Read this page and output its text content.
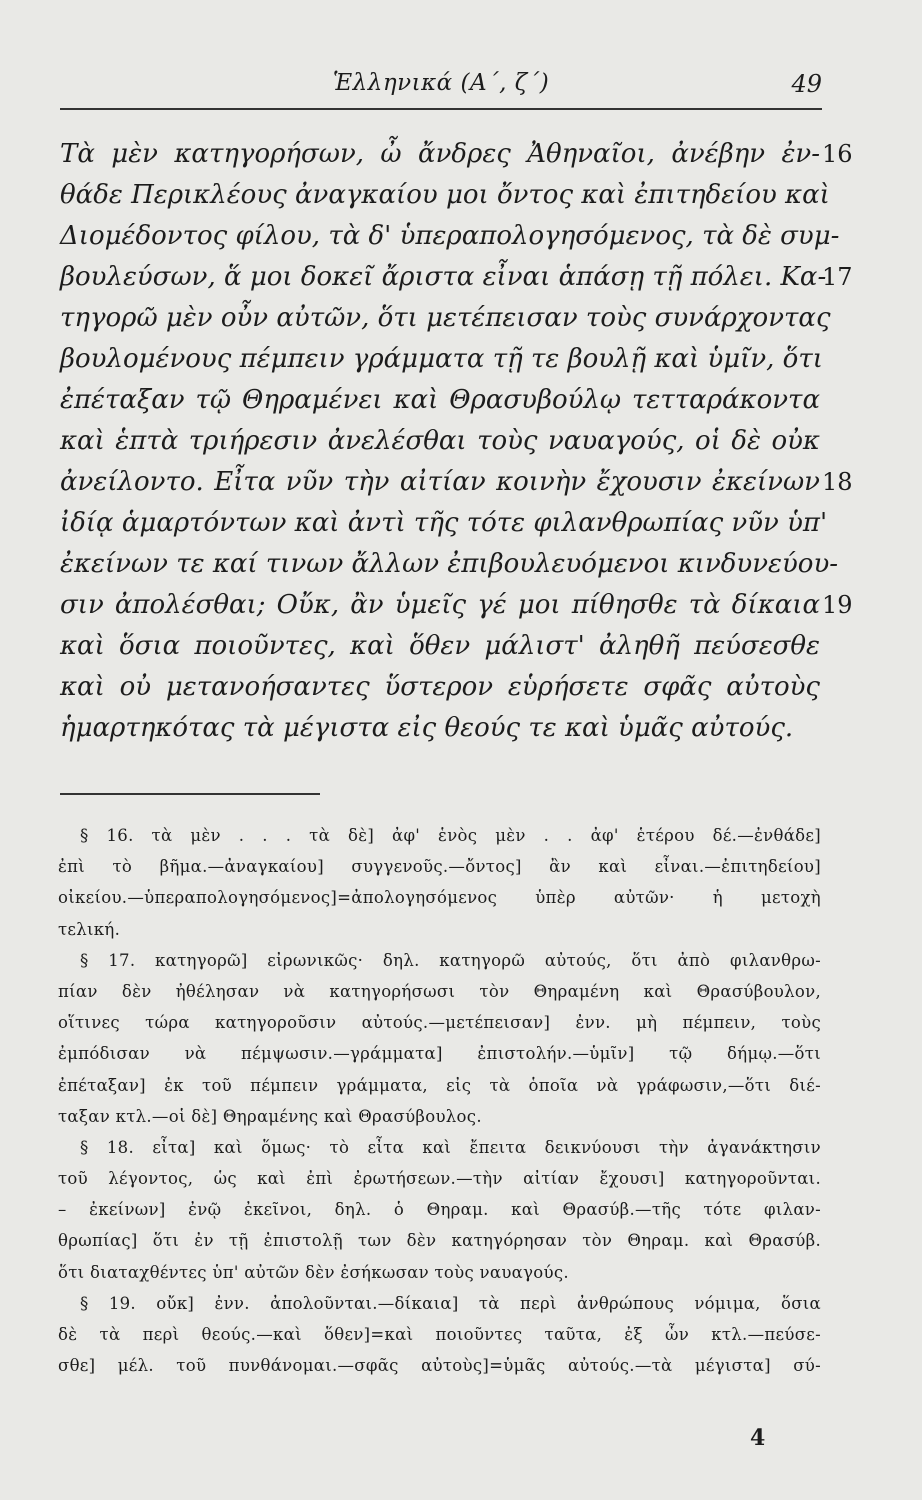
Ἑλληνικά (Α΄, ζ΄)	49
Τὰ μὲν κατηγορήσων, ὦ ἄνδρες Ἀθηναῖοι, ἀνέβην ἐν-
θάδε Περικλέους ἀναγκαίου μοι ὄντος καὶ ἐπιτηδείου καὶ
Διομέδοντος φίλου, τὰ δ' ὑπεραπολογησόμενος, τὰ δὲ συμ-
βουλεύσων, ἅ μοι δοκεῖ ἄριστα εἶναι ἁπάσῃ τῇ πόλει. Κα-
τηγορῶ μὲν οὖν αὐτῶν, ὅτι μετέπεισαν τοὺς συνάρχοντας
βουλομένους πέμπειν γράμματα τῇ τε βουλῇ καὶ ὑμῖν, ὅτι
ἐπέταξαν τῷ Θηραμένει καὶ Θρασυβούλῳ τετταράκοντα
καὶ ἑπτὰ τριήρεσιν ἀνελέσθαι τοὺς ναυαγούς, οἱ δὲ οὐκ
ἀνείλοντο. Εἶτα νῦν τὴν αἰτίαν κοινὴν ἔχουσιν ἐκείνων
ἰδίᾳ ἁμαρτόντων καὶ ἀντὶ τῆς τότε φιλανθρωπίας νῦν ὑπ'
ἐκείνων τε καί τινων ἄλλων ἐπιβουλευόμενοι κινδυνεύου-
σιν ἀπολέσθαι; Οὔκ, ἂν ὑμεῖς γέ μοι πίθησθε τὰ δίκαια
καὶ ὅσια ποιοῦντες, καὶ ὅθεν μάλιστ' ἀληθῆ πεύσεσθε
καὶ οὐ μετανοήσαντες ὕστερον εὑρήσετε σφᾶς αὐτοὺς
ἡμαρτηκότας τὰ μέγιστα εἰς θεούς τε καὶ ὑμᾶς αὐτούς.
16
17
18
19
§ 16. τὰ μὲν . . . τὰ δὲ] ἀφ' ἑνὸς μὲν . . ἀφ' ἑτέρου δέ.—ἐνθάδε]
ἐπὶ τὸ βῆμα.—ἀναγκαίου] συγγενοῦς.—ὄντος] ἂν καὶ εἶναι.—ἐπιτηδείου]
οἰκείου.—ὑπεραπολογησόμενος]=ἀπολογησόμενος ὑπὲρ αὐτῶν· ἡ μετοχὴ
τελική.
§ 17. κατηγορῶ] εἰρωνικῶς· δηλ. κατηγορῶ αὐτούς, ὅτι ἀπὸ φιλανθρω-
πίαν δὲν ἠθέλησαν νὰ κατηγορήσωσι τὸν Θηραμένη καὶ Θρασύβουλον,
οἵτινες τώρα κατηγοροῦσιν αὐτούς.—μετέπεισαν] ἐνν. μὴ πέμπειν, τοὺς
ἐμπόδισαν νὰ πέμψωσιν.—γράμματα] ἐπιστολήν.—ὑμῖν] τῷ δήμῳ.—ὅτι
ἐπέταξαν] ἐκ τοῦ πέμπειν γράμματα, εἰς τὰ ὁποῖα νὰ γράφωσιν,—ὅτι διέ-
ταξαν κτλ.—οἱ δὲ] Θηραμένης καὶ Θρασύβουλος.
§ 18. εἶτα] καὶ ὅμως· τὸ εἶτα καὶ ἔπειτα δεικνύουσι τὴν ἀγανάκτησιν
τοῦ λέγοντος, ὡς καὶ ἐπὶ ἐρωτήσεων.—τὴν αἰτίαν ἔχουσι] κατηγοροῦνται.
– ἐκείνων] ἐνῷ ἐκεῖνοι, δηλ. ὁ Θηραμ. καὶ Θρασύβ.—τῆς τότε φιλαν-
θρωπίας] ὅτι ἐν τῇ ἐπιστολῇ των δὲν κατηγόρησαν τὸν Θηραμ. καὶ Θρασύβ.
ὅτι διαταχθέντες ὑπ' αὐτῶν δὲν ἐσήκωσαν τοὺς ναυαγούς.
§ 19. οὔκ] ἐνν. ἀπολοῦνται.—δίκαια] τὰ περὶ ἀνθρώπους νόμιμα, ὅσια
δὲ τὰ περὶ θεούς.—καὶ ὅθεν]=καὶ ποιοῦντες ταῦτα, ἐξ ὧν κτλ.—πεύσε-
σθε] μέλ. τοῦ πυνθάνομαι.—σφᾶς αὐτοὺς]=ὑμᾶς αὐτούς.—τὰ μέγιστα] σύ-
4
